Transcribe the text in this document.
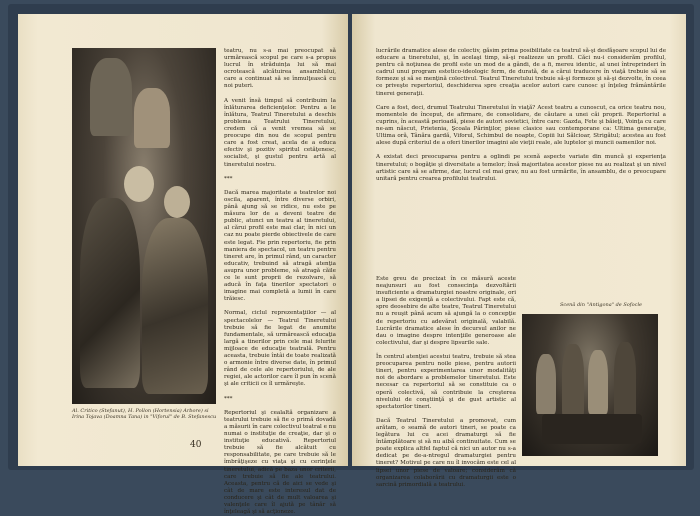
teatru, nu s-a mai preocupat să urmărească scopul pe care s-a propus lucrul în străduința lui să mai ocrotească alcătuirea ansamblului, care a continuat să se înmulţească cu noi puteri.

A venit însă timpul să contribuim la înlăturarea deficienţelor. Pentru a le înlătura, Teatrul Tineretului a deschis problema Teatrului Tineretului, credem că a venit vremea să se preocupe din nou de scopul pentru care a fost creat, acela de a educa efectiv şi pozitiv spiritul cetăţenesc, socialist, şi gustul pentru artă al tineretului nostru.

***

Dacă marea majoritate a teatrelor noi oscila, aparent, între diverse orbiri, până ajung să se ridice, nu este pe măsura lor de a deveni teatre de public, atunci un teatru al tineretului, al cărui profil este mai clar, în nici un caz nu poate pierde obiectivele de care este legat. Fie prin repertoriu, fie prin maniera de spectacol, un teatru pentru tineret are, în primul rând, un caracter educativ, trebuind să atragă atenţia asupra unor probleme, să atragă căile ce le sunt proprii de rezolvare, să aducă în faţa tinerilor spectatori o imagine mai completă a lumii în care trăiesc.

Normal, ciclul reprezentaţiilor — al spectacolelor — Teatrul Tineretului trebuie să fie legat de anumite fundamentale, să urmărească educaţia largă a tinerilor prin cele mai felurite mijloace de educaţie teatrală. Pentru aceasta, trebuie întâi de toate realizată o armonie între diverse date, în primul rând de cele ale repertoriului, de ale regiei, ale actorilor care îl pun în scenă şi ale criticii ce îl urmăreşte.

***

Repertoriul şi cealaltă organizare a teatrului trebuie să fie o primă dovadă a măsurii în care colectivul teatral e nu numai o instituţie de creaţie, dar şi o instituţie educativă. Repertoriul trebuie să fie alcătuit cu responsabilitate, pe care trebuie să le îmbrăţişeze cu viaţa şi cu cerinţele tineretului, adică pe baza unor criterii, care trebuie să fie ale teatrului. Aceasta, pentru că de aici se vede şi cât de mare este interesul dat de conducere şi cât de mult valoarea şi valenţele care îl ajută pe tânăr să înţeleagă şi să acţioneze.
Al. Critico (Stefanut), H. Pollon (Hortensia) Arbore) si Irina Tojava (Doamna Tana) in "Viforul" de B. Stefanescu
40
lucrările dramatice alese de colectiv, găsim prima posibilitate ca teatrul să-şi desfăşoare scopul lui de educare a tineretului, şi, în acelaşi timp, să-şi realizeze un profil. Căci nu-i considerăm profilul, pentru că noţiunea de profil este un mod de a gândi, de a fi, mereu identic, al unei întreprinderi în cadrul unui program estetico-ideologic ferm, de durată, de a cărui traducere în viaţă trebuie să se formeze şi să se menţină colectivul. Teatrul Tineretului trebuie să-şi formeze şi să-şi dezvolte, în ceea ce priveşte repertoriul, deschiderea spre creaţia acelor autori care cunosc şi înţeleg frământările tinerei generaţii.

Care a fost, deci, drumul Teatrului Tineretului în viaţă? Acest teatru a cunoscut, ca orice teatru nou, momentele de început, de afirmare, de consolidare, de căutare a unei căi proprii. Repertoriul a cuprins, în această perioadă, piese de autori sovietici, între care: Gazda, Fete şi băieţi, Voinţa cu care ne-am născut, Prietenia, Şcoala Părinţilor, piese clasice sau contemporane ca: Ultima generaţie, Ultima oră, Tânăra gardă, Viforul, Schimbul de noapte, Copiii lui Sălcioar, Strigătul; acestea au fost alese după criteriul de a oferi tinerilor imagini ale vieţii reale, ale luptelor şi muncii oamenilor noi.

A existat deci preocuparea pentru a oglindi pe scenă aspecte variate din muncă şi experienţa tineretului; o bogăţie şi diversitate a temelor; însă majoritatea acestor piese nu au realizat şi un nivel artistic care să se afirme, dar, lucrul cel mai grav, nu au fost urmărite, în ansamblu, de o preocupare unitară pentru crearea profilului teatrului.
Este greu de precizat în ce măsură aceste neajunsuri au fost consecinţa dezvoltării insuficiente a dramaturgiei noastre originale, ori a lipsei de exigenţă a colectivului. Fapt este că, spre deosebire de alte teatre, Teatrul Tineretului nu a reuşit până acum să ajungă la o concepţie de repertoriu cu adevărat originală, valabilă. Lucrările dramatice alese în decursul anilor ne dau o imagine despre intenţiile generoase ale colectivului, dar şi despre lipsurile sale.

În centrul atenţiei acestui teatru, trebuie să stea preocuparea pentru noile piese, pentru autorii tineri, pentru experimentarea unor modalităţi noi de abordare a problemelor tineretului. Este necesar ca repertoriul să se constituie ca o operă colectivă, să contribuie la creşterea nivelului de conştiinţă şi de gust artistic al spectatorilor tineri.

Dacă Teatrul Tineretului a promovat, cum arătam, o seamă de autori tineri, se poate ca legătura lui cu acei dramaturgi să fie întâmplătoare și să nu aibă continuitate. Cum se poate explica altfel faptul că nici un autor nu s-a dedicat pe de-a-ntregul dramaturgiei pentru tineret? Motivul pe care nu îl invocăm este cel al lipsei unor piese de valoare; considerăm că organizarea colaborării cu dramaturgii este o sarcină primordială a teatrului.
Scenă din "Antigona" de Sofocle
